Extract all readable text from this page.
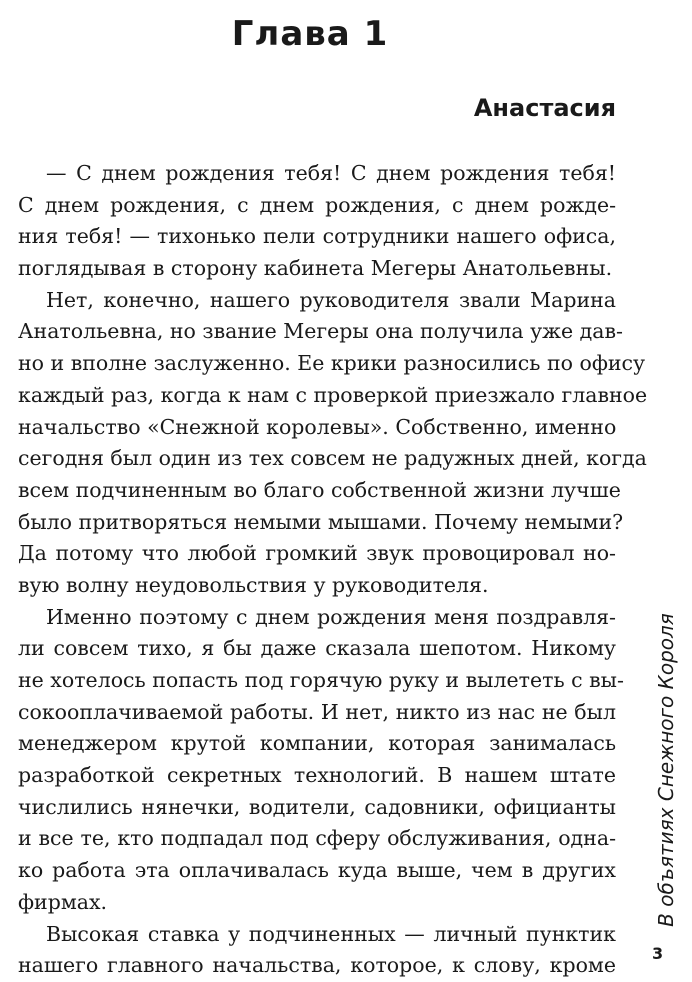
Глава 1
Анастасия
— С днем рождения тебя! С днем рождения тебя!
С днем рождения, с днем рождения, с днем рожде-
ния тебя! — тихонько пели сотрудники нашего офиса,
поглядывая в сторону кабинета Мегеры Анатольевны.
Нет, конечно, нашего руководителя звали Марина
Анатольевна, но звание Мегеры она получила уже дав-
но и вполне заслуженно. Ее крики разносились по офису
каждый раз, когда к нам с проверкой приезжало главное
начальство «Снежной королевы». Собственно, именно
сегодня был один из тех совсем не радужных дней, когда
всем подчиненным во благо собственной жизни лучше
было притворяться немыми мышами. Почему немыми?
Да потому что любой громкий звук провоцировал но-
вую волну неудовольствия у руководителя.
Именно поэтому с днем рождения меня поздравля-
ли совсем тихо, я бы даже сказала шепотом. Никому
не хотелось попасть под горячую руку и вылететь с вы-
сокооплачиваемой работы. И нет, никто из нас не был
менеджером крутой компании, которая занималась
разработкой секретных технологий. В нашем штате
числились нянечки, водители, садовники, официанты
и все те, кто подпадал под сферу обслуживания, одна-
ко работа эта оплачивалась куда выше, чем в других
фирмах.
Высокая ставка у подчиненных — личный пунктик
нашего главного начальства, которое, к слову, кроме
В объятиях Снежного Короля
3
